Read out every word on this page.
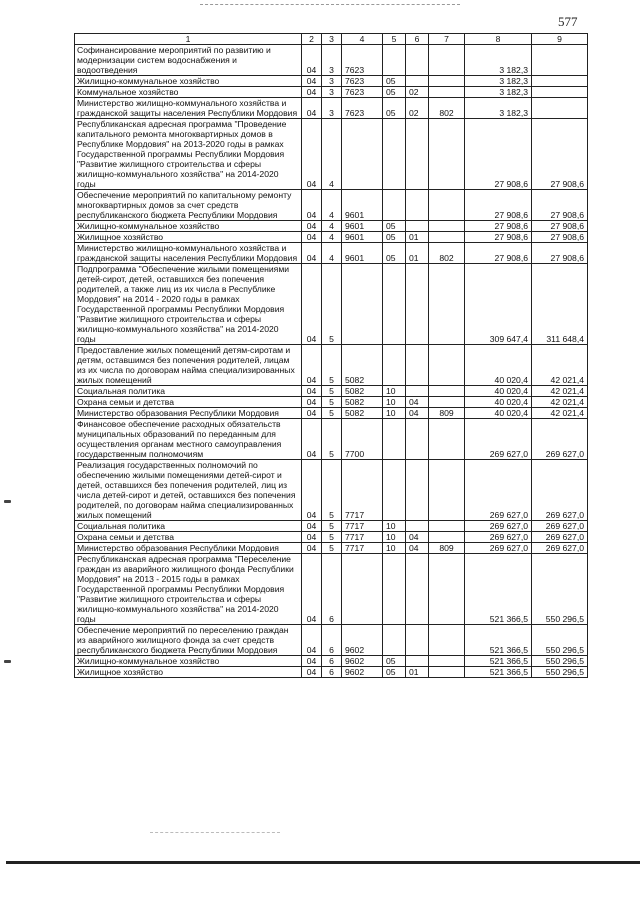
577
1	2	3	4	5	6	7	8	9
Софинансирование мероприятий по развитию и модернизации систем водоснабжения и водоотведения	04	3	7623				3 182,3	
Жилищно-коммунальное хозяйство	04	3	7623	05			3 182,3	
Коммунальное хозяйство	04	3	7623	05	02		3 182,3	
Министерство жилищно-коммунального хозяйства и гражданской защиты населения Республики Мордовия	04	3	7623	05	02	802	3 182,3	
Республиканская адресная программа "Проведение капитального ремонта многоквартирных домов в Республике Мордовия" на 2013-2020 годы в рамках Государственной программы Республики Мордовия "Развитие жилищного строительства и сферы жилищно-коммунального хозяйства" на 2014-2020 годы	04	4					27 908,6	27 908,6
Обеспечение мероприятий по капитальному ремонту многоквартирных домов за счет средств республиканского бюджета Республики Мордовия	04	4	9601				27 908,6	27 908,6
Жилищно-коммунальное хозяйство	04	4	9601	05			27 908,6	27 908,6
Жилищное хозяйство	04	4	9601	05	01		27 908,6	27 908,6
Министерство жилищно-коммунального хозяйства и гражданской защиты населения Республики Мордовия	04	4	9601	05	01	802	27 908,6	27 908,6
Подпрограмма "Обеспечение жилыми помещениями детей-сирот, детей, оставшихся без попечения родителей, а также лиц из их числа в Республике Мордовия" на 2014 - 2020 годы в рамках Государственной программы Республики Мордовия "Развитие жилищного строительства и сферы жилищно-коммунального хозяйства" на 2014-2020 годы	04	5					309 647,4	311 648,4
Предоставление жилых помещений детям-сиротам и детям, оставшимся без попечения родителей, лицам из их числа по договорам найма специализированных жилых помещений	04	5	5082				40 020,4	42 021,4
Социальная политика	04	5	5082	10			40 020,4	42 021,4
Охрана семьи и детства	04	5	5082	10	04		40 020,4	42 021,4
Министерство образования Республики Мордовия	04	5	5082	10	04	809	40 020,4	42 021,4
Финансовое обеспечение расходных обязательств муниципальных образований по переданным для осуществления органам местного самоуправления государственным полномочиям	04	5	7700				269 627,0	269 627,0
Реализация государственных полномочий по обеспечению жилыми помещениями детей-сирот и детей, оставшихся без попечения родителей, лиц из числа детей-сирот и детей, оставшихся без попечения родителей, по договорам найма специализированных жилых помещений	04	5	7717				269 627,0	269 627,0
Социальная политика	04	5	7717	10			269 627,0	269 627,0
Охрана семьи и детства	04	5	7717	10	04		269 627,0	269 627,0
Министерство образования Республики Мордовия	04	5	7717	10	04	809	269 627,0	269 627,0
Республиканская адресная программа "Переселение граждан из аварийного жилищного фонда Республики Мордовия" на 2013 - 2015 годы в рамках Государственной программы Республики Мордовия "Развитие жилищного строительства и сферы жилищно-коммунального хозяйства" на 2014-2020 годы	04	6					521 366,5	550 296,5
Обеспечение мероприятий по переселению граждан из аварийного жилищного фонда за счет средств республиканского бюджета Республики Мордовия	04	6	9602				521 366,5	550 296,5
Жилищно-коммунальное хозяйство	04	6	9602	05			521 366,5	550 296,5
Жилищное хозяйство	04	6	9602	05	01		521 366,5	550 296,5
